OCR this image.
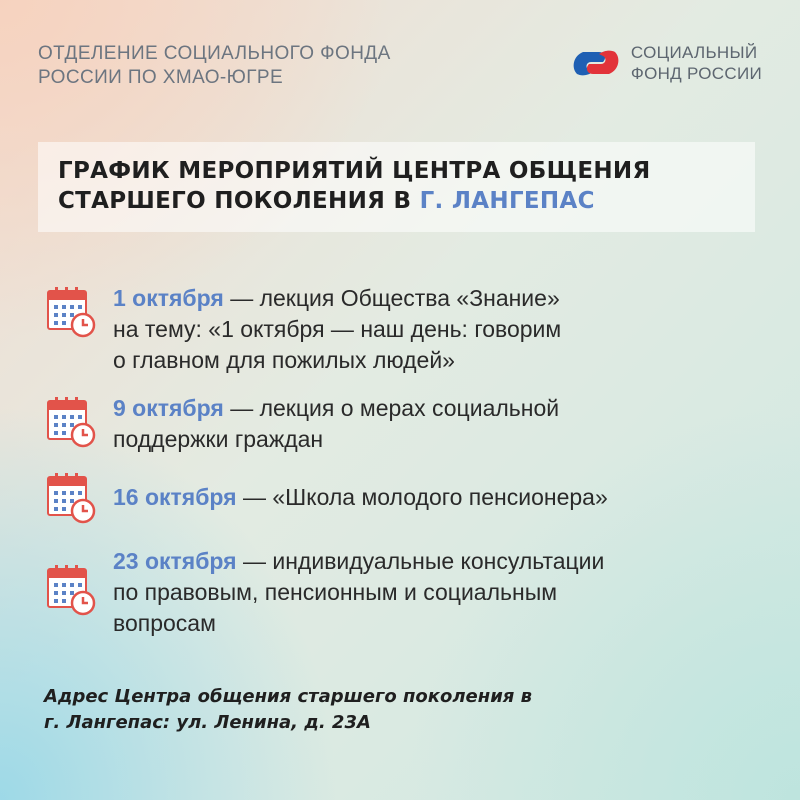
ОТДЕЛЕНИЕ СОЦИАЛЬНОГО ФОНДА
РОССИИ ПО ХМАО-ЮГРЕ
СОЦИАЛЬНЫЙ
ФОНД РОССИИ
ГРАФИК МЕРОПРИЯТИЙ ЦЕНТРА ОБЩЕНИЯ
СТАРШЕГО ПОКОЛЕНИЯ В Г. ЛАНГЕПАС
1 октября — лекция Общества «Знание»
на тему: «1 октября — наш день: говорим
о главном для пожилых людей»
9 октября — лекция о мерах социальной
поддержки граждан
16 октября — «Школа молодого пенсионера»
23 октября — индивидуальные консультации
по правовым, пенсионным и социальным
вопросам
Адрес Центра общения старшего поколения в
г. Лангепас: ул. Ленина, д. 23А
